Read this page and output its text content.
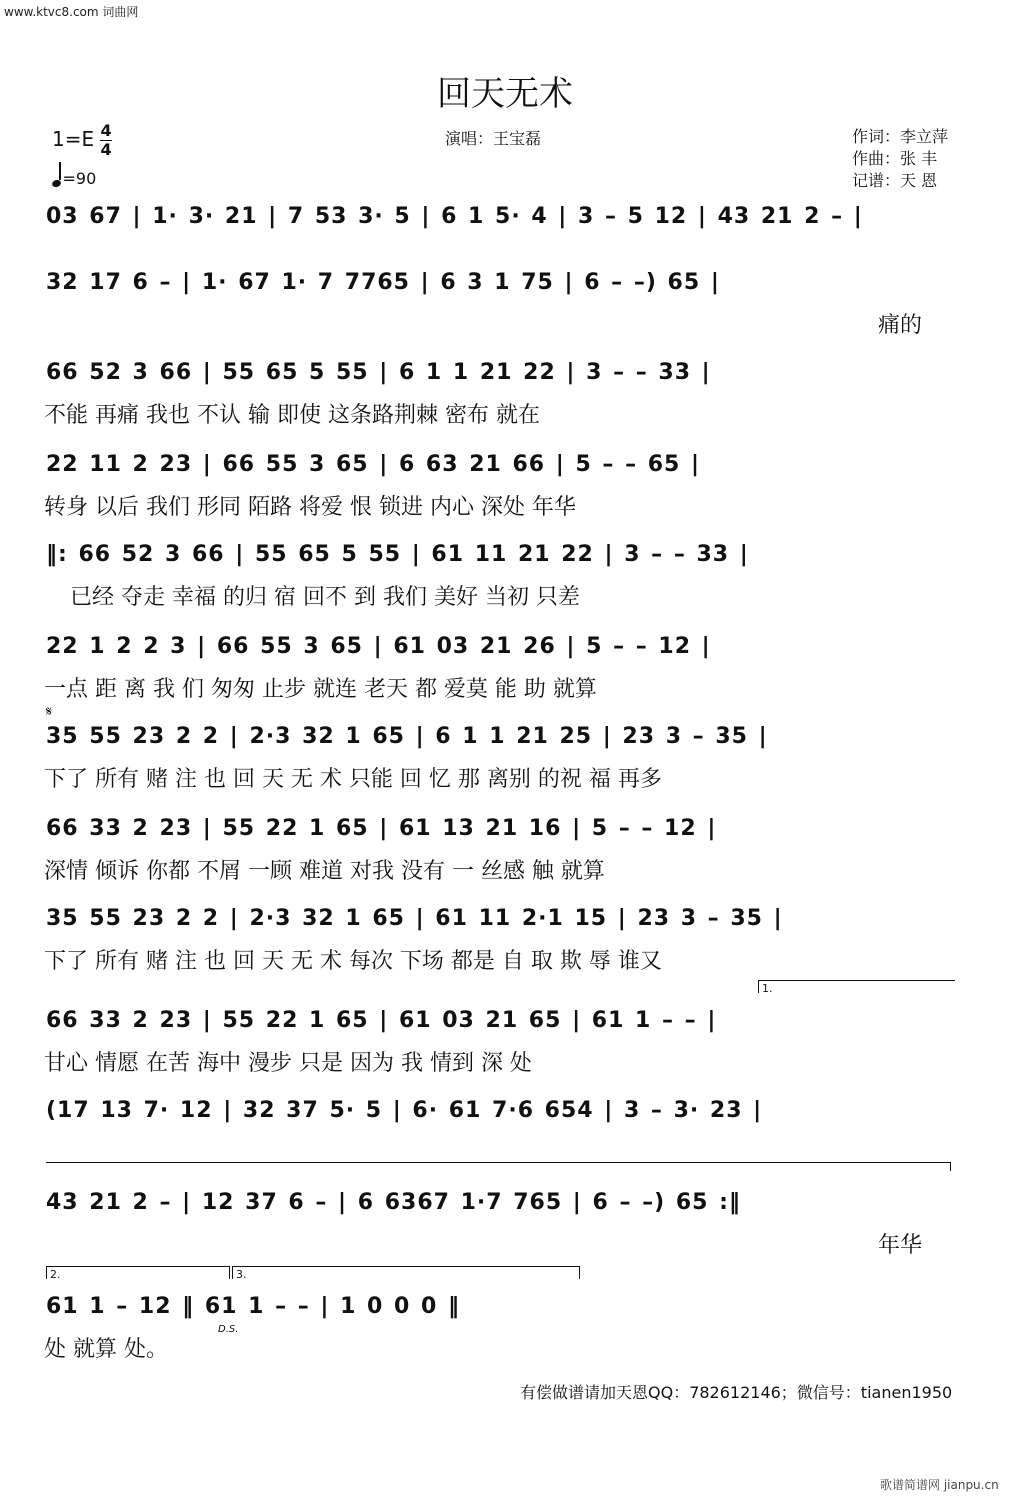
www.ktvc8.com 词曲网
回天无术
$1=E \frac{4}{4}$
=90
演唱：王宝磊	作词：李立萍
作曲：张 丰
记谱：天 恩
03 67 | 1· 3· 21 | 7 53 3· 5 | 6 1 5· 4 | 3 – 5 12 | 43 21 2 – |
32 17 6 – | 1· 67 1· 7 7765 | 6 3 1 75 | 6 – –) 65 |
痛的
66 52 3 66 | 55 65 5 55 | 6 1 1 21 22 | 3 – – 33 |
不能 再痛 我也 不认 输 即使 这条路荆棘 密布 就在
22 11 2 23 | 66 55 3 65 | 6 63 21 66 | 5 – – 65 |
转身 以后 我们 形同 陌路 将爱 恨 锁进 内心 深处 年华
‖: 66 52 3 66 | 55 65 5 55 | 61 11 21 22 | 3 – – 33 |
已经 夺走 幸福 的归 宿 回不 到 我们 美好 当初 只差
22 1 2 2 3 | 66 55 3 65 | 61 03 21 26 | 5 – – 12 |
一点 距 离 我 们 匆匆 止步 就连 老天 都 爱莫 能 助 就算
𝄋
35 55 23 2 2 | 2·3 32 1 65 | 6 1 1 21 25 | 23 3 – 35 |
下了 所有 赌 注 也 回 天 无 术 只能 回 忆 那 离别 的祝 福 再多
66 33 2 23 | 55 22 1 65 | 61 13 21 16 | 5 – – 12 |
深情 倾诉 你都 不屑 一顾 难道 对我 没有 一 丝感 触 就算
35 55 23 2 2 | 2·3 32 1 65 | 61 11 2·1 15 | 23 3 – 35 |
下了 所有 赌 注 也 回 天 无 术 每次 下场 都是 自 取 欺 辱 谁又
1.
66 33 2 23 | 55 22 1 65 | 61 03 21 65 | 61 1 – – |
甘心 情愿 在苦 海中 漫步 只是 因为 我 情到 深 处
(17 13 7· 12 | 32 37 5· 5 | 6· 61 7·6 654 | 3 – 3· 23 |
43 21 2 – | 12 37 6 – | 6 6367 1·7 765 | 6 – –) 65 :‖
年华
2.	3.
61 1 – 12 ‖ 61 1 – – | 1 0 0 0 ‖
处 就算 处。
D.S.
有偿做谱请加天恩QQ：782612146；微信号：tianen1950
歌谱简谱网 jianpu.cn
